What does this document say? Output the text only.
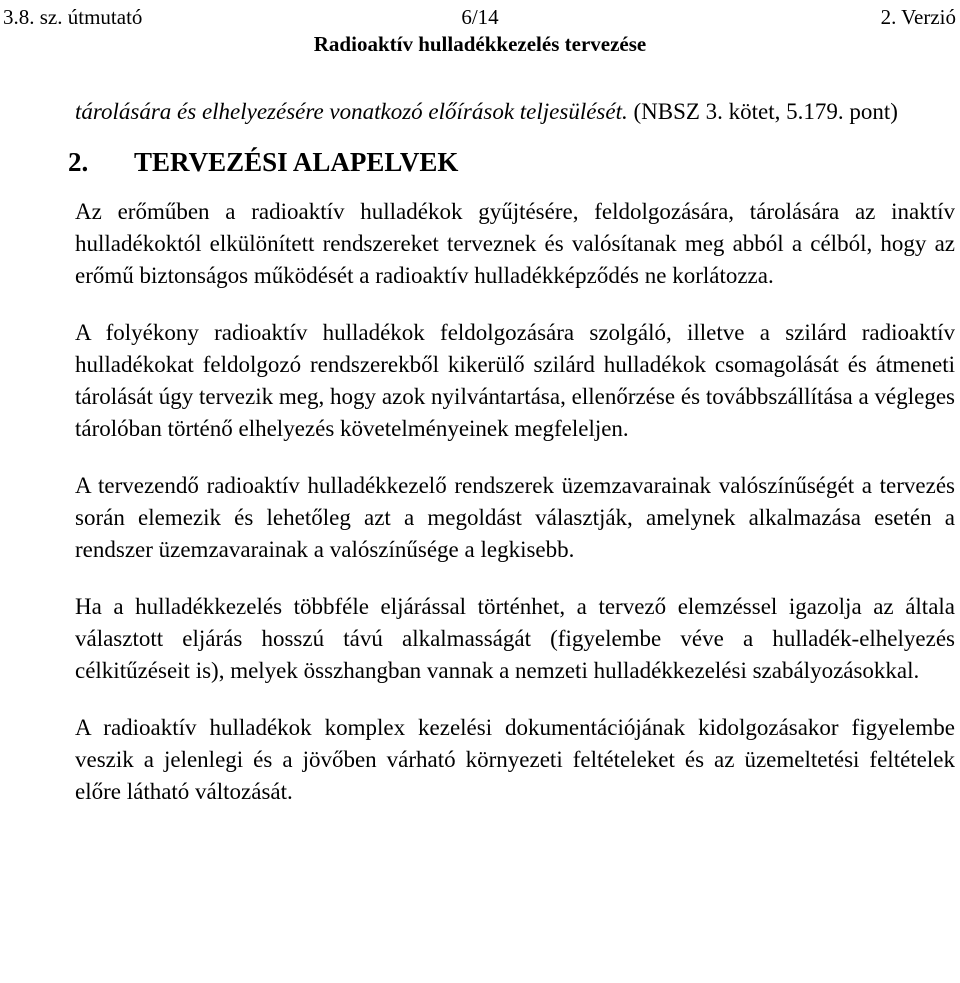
3.8. sz. útmutató	6/14	2. Verzió
Radioaktív hulladékkezelés tervezése

tárolására és elhelyezésére vonatkozó előírások teljesülését. (NBSZ 3. kötet, 5.179. pont)

2.	TERVEZÉSI ALAPELVEK

Az erőműben a radioaktív hulladékok gyűjtésére, feldolgozására, tárolására az inaktív hulladékoktól elkülönített rendszereket terveznek és valósítanak meg abból a célból, hogy az erőmű biztonságos működését a radioaktív hulladékképződés ne korlátozza.

A folyékony radioaktív hulladékok feldolgozására szolgáló, illetve a szilárd radioaktív hulladékokat feldolgozó rendszerekből kikerülő szilárd hulladékok csomagolását és átmeneti tárolását úgy tervezik meg, hogy azok nyilvántartása, ellenőrzése és továbbszállítása a végleges tárolóban történő elhelyezés követelményeinek megfeleljen.

A tervezendő radioaktív hulladékkezelő rendszerek üzemzavarainak valószínűségét a tervezés során elemezik és lehetőleg azt a megoldást választják, amelynek alkalmazása esetén a rendszer üzemzavarainak a valószínűsége a legkisebb.

Ha a hulladékkezelés többféle eljárással történhet, a tervező elemzéssel igazolja az általa választott eljárás hosszú távú alkalmasságát (figyelembe véve a hulladék-elhelyezés célkitűzéseit is), melyek összhangban vannak a nemzeti hulladékkezelési szabályozásokkal.

A radioaktív hulladékok komplex kezelési dokumentációjának kidolgozásakor figyelembe veszik a jelenlegi és a jövőben várható környezeti feltételeket és az üzemeltetési feltételek előre látható változását.
